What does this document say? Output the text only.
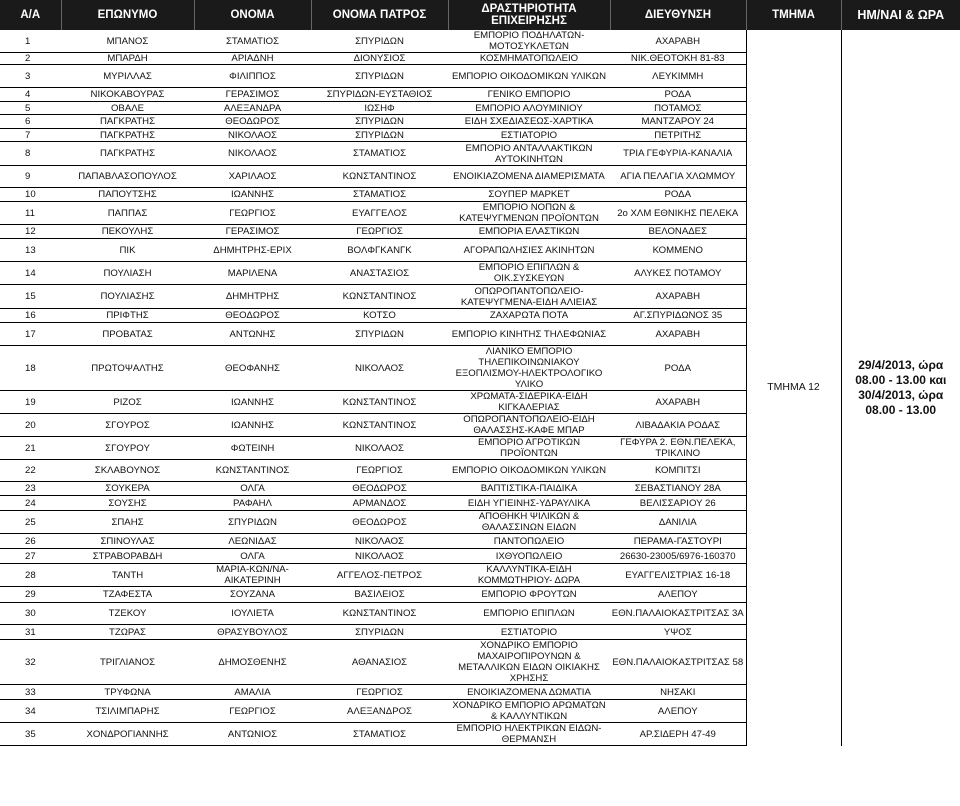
Α/Α	ΕΠΩΝΥΜΟ	ΟΝΟΜΑ	ΟΝΟΜΑ ΠΑΤΡΟΣ	ΔΡΑΣΤΗΡΙΟΤΗΤΑ ΕΠΙΧΕΙΡΗΣΗΣ	ΔΙΕΥΘΥΝΣΗ	ΤΜΗΜΑ	ΗΜ/ΝΑΙ & ΩΡΑ
1	ΜΠΑΝΟΣ	ΣΤΑΜΑΤΙΟΣ	ΣΠΥΡΙΔΩΝ	ΕΜΠΟΡΙΟ ΠΟΔΗΛΑΤΩΝ-ΜΟΤΟΣΥΚΛΕΤΩΝ	ΑΧΑΡΑΒΗ	ΤΜΗΜΑ 12	29/4/2013, ώρα 08.00 - 13.00 και 30/4/2013, ώρα 08.00 - 13.00
2	ΜΠΑΡΔΗ	ΑΡΙΑΔΝΗ	ΔΙΟΝΥΣΙΟΣ	ΚΟΣΜΗΜΑΤΟΠΩΛΕΙΟ	ΝΙΚ.ΘΕΟΤΟΚΗ 81-83		
3	ΜΥΡΙΛΛΑΣ	ΦΙΛΙΠΠΟΣ	ΣΠΥΡΙΔΩΝ	ΕΜΠΟΡΙΟ ΟΙΚΟΔΟΜΙΚΩΝ ΥΛΙΚΩΝ	ΛΕΥΚΙΜΜΗ		
4	ΝΙΚΟΚΑΒΟΥΡΑΣ	ΓΕΡΑΣΙΜΟΣ	ΣΠΥΡΙΔΩΝ-ΕΥΣΤΑΘΙΟΣ	ΓΕΝΙΚΟ ΕΜΠΟΡΙΟ	ΡΟΔΑ		
5	ΟΒΑΛΕ	ΑΛΕΞΑΝΔΡΑ	ΙΩΣΗΦ	ΕΜΠΟΡΙΟ ΑΛΟΥΜΙΝΙΟΥ	ΠΟΤΑΜΟΣ		
6	ΠΑΓΚΡΑΤΗΣ	ΘΕΟΔΩΡΟΣ	ΣΠΥΡΙΔΩΝ	ΕΙΔΗ ΣΧΕΔΙΑΣΕΩΣ-ΧΑΡΤΙΚΑ	ΜΑΝΤΖΑΡΟΥ 24		
7	ΠΑΓΚΡΑΤΗΣ	ΝΙΚΟΛΑΟΣ	ΣΠΥΡΙΔΩΝ	ΕΣΤΙΑΤΟΡΙΟ	ΠΕΤΡΙΤΗΣ		
8	ΠΑΓΚΡΑΤΗΣ	ΝΙΚΟΛΑΟΣ	ΣΤΑΜΑΤΙΟΣ	ΕΜΠΟΡΙΟ ΑΝΤΑΛΛΑΚΤΙΚΩΝ ΑΥΤΟΚΙΝΗΤΩΝ	ΤΡΙΑ ΓΕΦΥΡΙΑ-ΚΑΝΑΛΙΑ		
9	ΠΑΠΑΒΛΑΣΟΠΟΥΛΟΣ	ΧΑΡΙΛΑΟΣ	ΚΩΝΣΤΑΝΤΙΝΟΣ	ΕΝΟΙΚΙΑΖΟΜΕΝΑ ΔΙΑΜΕΡΙΣΜΑΤΑ	ΑΓΙΑ ΠΕΛΑΓΙΑ ΧΛΩΜΜΟΥ		
10	ΠΑΠΟΥΤΣΗΣ	ΙΩΑΝΝΗΣ	ΣΤΑΜΑΤΙΟΣ	ΣΟΥΠΕΡ ΜΑΡΚΕΤ	ΡΟΔΑ		
11	ΠΑΠΠΑΣ	ΓΕΩΡΓΙΟΣ	ΕΥΑΓΓΕΛΟΣ	ΕΜΠΟΡΙΟ ΝΟΠΩΝ & ΚΑΤΕΨΥΓΜΕΝΩΝ ΠΡΟΪΟΝΤΩΝ	2ο ΧΛΜ ΕΘΝΙΚΗΣ ΠΕΛΕΚΑ		
12	ΠΕΚΟΥΛΗΣ	ΓΕΡΑΣΙΜΟΣ	ΓΕΩΡΓΙΟΣ	ΕΜΠΟΡΙΑ ΕΛΑΣΤΙΚΩΝ	ΒΕΛΟΝΑΔΕΣ		
13	ΠΙΚ	ΔΗΜΗΤΡΗΣ-ΕΡΙΧ	ΒΟΛΦΓΚΑΝΓΚ	ΑΓΟΡΑΠΩΛΗΣΙΕΣ ΑΚΙΝΗΤΩΝ	ΚΟΜΜΕΝΟ		
14	ΠΟΥΛΙΑΣΗ	ΜΑΡΙΛΕΝΑ	ΑΝΑΣΤΑΣΙΟΣ	ΕΜΠΟΡΙΟ ΕΠΙΠΛΩΝ & ΟΙΚ.ΣΥΣΚΕΥΩΝ	ΑΛΥΚΕΣ ΠΟΤΑΜΟΥ		
15	ΠΟΥΛΙΑΣΗΣ	ΔΗΜΗΤΡΗΣ	ΚΩΝΣΤΑΝΤΙΝΟΣ	ΟΠΩΡΟΠΑΝΤΟΠΩΛΕΙΟ-ΚΑΤΕΨΥΓΜΕΝΑ-ΕΙΔΗ ΑΛΙΕΙΑΣ	ΑΧΑΡΑΒΗ		
16	ΠΡΙΦΤΗΣ	ΘΕΟΔΩΡΟΣ	ΚΟΤΣΟ	ΖΑΧΑΡΩΤΑ ΠΟΤΑ	ΑΓ.ΣΠΥΡΙΔΩΝΟΣ 35		
17	ΠΡΟΒΑΤΑΣ	ΑΝΤΩΝΗΣ	ΣΠΥΡΙΔΩΝ	ΕΜΠΟΡΙΟ ΚΙΝΗΤΗΣ ΤΗΛΕΦΩΝΙΑΣ	ΑΧΑΡΑΒΗ		
18	ΠΡΩΤΟΨΑΛΤΗΣ	ΘΕΟΦΑΝΗΣ	ΝΙΚΟΛΑΟΣ	ΛΙΑΝΙΚΟ ΕΜΠΟΡΙΟ ΤΗΛΕΠΙΚΟΙΝΩΝΙΑΚΟΥ ΕΞΟΠΛΙΣΜΟΥ-ΗΛΕΚΤΡΟΛΟΓΙΚΟ ΥΛΙΚΟ	ΡΟΔΑ		
19	ΡΙΖΟΣ	ΙΩΑΝΝΗΣ	ΚΩΝΣΤΑΝΤΙΝΟΣ	ΧΡΩΜΑΤΑ-ΣΙΔΕΡΙΚΑ-ΕΙΔΗ ΚΙΓΚΑΛΕΡΙΑΣ	ΑΧΑΡΑΒΗ		
20	ΣΓΟΥΡΟΣ	ΙΩΑΝΝΗΣ	ΚΩΝΣΤΑΝΤΙΝΟΣ	ΟΠΩΡΟΠΑΝΤΟΠΩΛΕΙΟ-ΕΙΔΗ ΘΑΛΑΣΣΗΣ-ΚΑΦΕ ΜΠΑΡ	ΛΙΒΑΔΑΚΙΑ ΡΟΔΑΣ		
21	ΣΓΟΥΡΟΥ	ΦΩΤΕΙΝΗ	ΝΙΚΟΛΑΟΣ	ΕΜΠΟΡΙΟ ΑΓΡΟΤΙΚΩΝ ΠΡΟΪΟΝΤΩΝ	ΓΕΦΥΡΑ 2. ΕΘΝ.ΠΕΛΕΚΑ, ΤΡΙΚΛΙΝΟ		
22	ΣΚΛΑΒΟΥΝΟΣ	ΚΩΝΣΤΑΝΤΙΝΟΣ	ΓΕΩΡΓΙΟΣ	ΕΜΠΟΡΙΟ ΟΙΚΟΔΟΜΙΚΩΝ ΥΛΙΚΩΝ	ΚΟΜΠΙΤΣΙ		
23	ΣΟΥΚΕΡΑ	ΟΛΓΑ	ΘΕΟΔΩΡΟΣ	ΒΑΠΤΙΣΤΙΚΑ-ΠΑΙΔΙΚΑ	ΣΕΒΑΣΤΙΑΝΟΥ 28Α		
24	ΣΟΥΣΗΣ	ΡΑΦΑΗΛ	ΑΡΜΑΝΔΟΣ	ΕΙΔΗ ΥΓΙΕΙΝΗΣ-ΥΔΡΑΥΛΙΚΑ	ΒΕΛΙΣΣΑΡΙΟΥ 26		
25	ΣΠΑΗΣ	ΣΠΥΡΙΔΩΝ	ΘΕΟΔΩΡΟΣ	ΑΠΟΘΗΚΗ ΨΙΛΙΚΩΝ & ΘΑΛΑΣΣΙΝΩΝ ΕΙΔΩΝ	ΔΑΝΙΛΙΑ		
26	ΣΠΙΝΟΥΛΑΣ	ΛΕΩΝΙΔΑΣ	ΝΙΚΟΛΑΟΣ	ΠΑΝΤΟΠΩΛΕΙΟ	ΠΕΡΑΜΑ-ΓΑΣΤΟΥΡΙ		
27	ΣΤΡΑΒΟΡΑΒΔΗ	ΟΛΓΑ	ΝΙΚΟΛΑΟΣ	ΙΧΘΥΟΠΩΛΕΙΟ	26630-23005/6976-160370		
28	ΤΑΝΤΗ	ΜΑΡΙΑ-ΚΩΝ/ΝΑ-ΑΙΚΑΤΕΡΙΝΗ	ΑΓΓΕΛΟΣ-ΠΕΤΡΟΣ	ΚΑΛΛΥΝΤΙΚΑ-ΕΙΔΗ ΚΟΜΜΩΤΗΡΙΟΥ- ΔΩΡΑ	ΕΥΑΓΓΕΛΙΣΤΡΙΑΣ 16-18		
29	ΤΖΑΦΕΣΤΑ	ΣΟΥΖΑΝΑ	ΒΑΣΙΛΕΙΟΣ	ΕΜΠΟΡΙΟ ΦΡΟΥΤΩΝ	ΑΛΕΠΟΥ		
30	ΤΖΕΚΟΥ	ΙΟΥΛΙΕΤΑ	ΚΩΝΣΤΑΝΤΙΝΟΣ	ΕΜΠΟΡΙΟ ΕΠΙΠΛΩΝ	ΕΘΝ.ΠΑΛΑΙΟΚΑΣΤΡΙΤΣΑΣ 3Α		
31	ΤΖΩΡΑΣ	ΘΡΑΣΥΒΟΥΛΟΣ	ΣΠΥΡΙΔΩΝ	ΕΣΤΙΑΤΟΡΙΟ	ΥΨΟΣ		
32	ΤΡΙΓΛΙΑΝΟΣ	ΔΗΜΟΣΘΕΝΗΣ	ΑΘΑΝΑΣΙΟΣ	ΧΟΝΔΡΙΚΟ ΕΜΠΟΡΙΟ ΜΑΧΑΙΡΟΠΙΡΟΥΝΩΝ & ΜΕΤΑΛΛΙΚΩΝ ΕΙΔΩΝ ΟΙΚΙΑΚΗΣ ΧΡΗΣΗΣ	ΕΘΝ.ΠΑΛΑΙΟΚΑΣΤΡΙΤΣΑΣ 58		
33	ΤΡΥΦΩΝΑ	ΑΜΑΛΙΑ	ΓΕΩΡΓΙΟΣ	ΕΝΟΙΚΙΑΖΟΜΕΝΑ ΔΩΜΑΤΙΑ	ΝΗΣΑΚΙ		
34	ΤΣΙΛΙΜΠΑΡΗΣ	ΓΕΩΡΓΙΟΣ	ΑΛΕΞΑΝΔΡΟΣ	ΧΟΝΔΡΙΚΟ ΕΜΠΟΡΙΟ ΑΡΩΜΑΤΩΝ & ΚΑΛΛΥΝΤΙΚΩΝ	ΑΛΕΠΟΥ		
35	ΧΟΝΔΡΟΓΙΑΝΝΗΣ	ΑΝΤΩΝΙΟΣ	ΣΤΑΜΑΤΙΟΣ	ΕΜΠΟΡΙΟ ΗΛΕΚΤΡΙΚΩΝ ΕΙΔΩΝ-ΘΕΡΜΑΝΣΗ	ΑΡ.ΣΙΔΕΡΗ 47-49		
